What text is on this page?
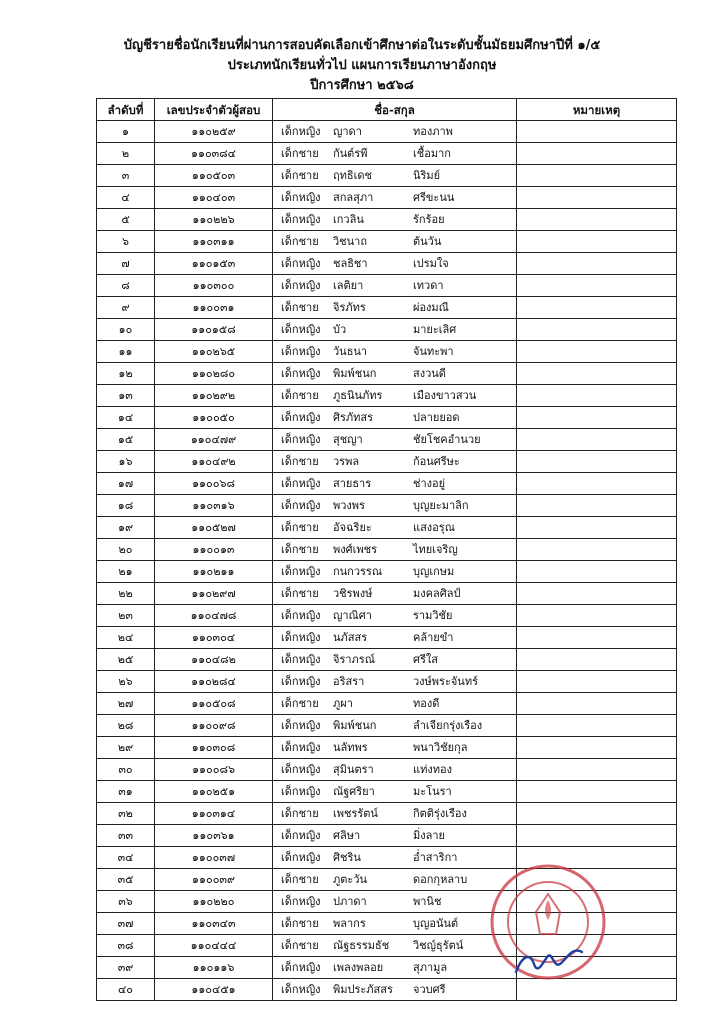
บัญชีรายชื่อนักเรียนที่ผ่านการสอบคัดเลือกเข้าศึกษาต่อในระดับชั้นมัธยมศึกษาปีที่ ๑/๕
ประเภทนักเรียนทั่วไป แผนการเรียนภาษาอังกฤษ
ปีการศึกษา ๒๕๖๘
ลำดับที่	เลขประจำตัวผู้สอบ	ชื่อ-สกุล	หมายเหตุ
๑	๑๑๐๒๕๙	เด็กหญิง ญาดา ทองภาพ	
๒	๑๑๐๓๘๔	เด็กชาย กันต์รพี เชื้อมาก	
๓	๑๑๐๕๐๓	เด็กชาย ฤทธิเดช นิริมย์	
๔	๑๑๐๔๐๓	เด็กหญิง สกลสุภา ศรีขะนน	
๕	๑๑๐๒๒๖	เด็กหญิง เกวลิน รักร้อย	
๖	๑๑๐๓๑๑	เด็กชาย วิชนาถ ต้นวัน	
๗	๑๑๐๑๕๓	เด็กหญิง ชลธิชา เปรมใจ	
๘	๑๑๐๓๐๐	เด็กหญิง เลติยา เทวดา	
๙	๑๑๐๐๓๑	เด็กชาย จิรภัทร ผ่องมณี	
๑๐	๑๑๐๑๕๘	เด็กหญิง บัว มายะเลิศ	
๑๑	๑๑๐๒๖๕	เด็กหญิง วันธนา จันทะพา	
๑๒	๑๑๐๒๘๐	เด็กหญิง พิมพ์ชนก สงวนดี	
๑๓	๑๑๐๒๙๒	เด็กชาย ภูธนินภัทร เมืองขาวสวน	
๑๔	๑๑๐๐๕๐	เด็กหญิง ศิรภัทสร ปลายยอด	
๑๕	๑๑๐๔๗๙	เด็กหญิง สุชญา ชัยโชคอำนวย	
๑๖	๑๑๐๔๙๒	เด็กชาย วรพล ก้อนศรีษะ	
๑๗	๑๑๐๐๖๘	เด็กหญิง สายธาร ช่างอยู่	
๑๘	๑๑๐๓๑๖	เด็กหญิง พวงพร บุญยะมาลิก	
๑๙	๑๑๐๕๒๗	เด็กชาย อัจฉริยะ แสงอรุณ	
๒๐	๑๑๐๐๑๓	เด็กชาย พงศ์เพชร ไทยเจริญ	
๒๑	๑๑๐๒๑๑	เด็กหญิง กนกวรรณ บุญเกษม	
๒๒	๑๑๐๒๙๗	เด็กชาย วชิรพงษ์ มงคลศิลป์	
๒๓	๑๑๐๔๗๘	เด็กหญิง ญาณิศา รามวิชัย	
๒๔	๑๑๐๓๐๔	เด็กหญิง นภัสสร คล้ายขำ	
๒๕	๑๑๐๔๘๒	เด็กหญิง จิราภรณ์ ศรีใส	
๒๖	๑๑๐๒๘๔	เด็กหญิง อริสรา วงษ์พระจันทร์	
๒๗	๑๑๐๕๐๘	เด็กชาย ภูผา ทองดี	
๒๘	๑๑๐๐๙๘	เด็กหญิง พิมพ์ชนก ลำเจียกรุ่งเรือง	
๒๙	๑๑๐๓๐๘	เด็กหญิง นลัทพร พนาวิชัยกุล	
๓๐	๑๑๐๐๘๖	เด็กหญิง สุมินตรา แท่งทอง	
๓๑	๑๑๐๒๕๑	เด็กหญิง ณัฐศริยา มะโนรา	
๓๒	๑๑๐๓๑๔	เด็กชาย เพชรรัตน์ กิตติรุ่งเรือง	
๓๓	๑๑๐๓๖๑	เด็กหญิง ศลิษา มิ่งลาย	
๓๔	๑๑๐๐๓๗	เด็กหญิง ศิชริน อ่ำสาริกา	
๓๕	๑๑๐๐๓๙	เด็กชาย ภูตะวัน ดอกกุหลาบ	
๓๖	๑๑๐๒๒๐	เด็กหญิง ปภาดา พานิช	
๓๗	๑๑๐๓๔๓	เด็กชาย พลากร บุญอนันต์	
๓๘	๑๑๐๔๔๔	เด็กชาย ณัฐธรรมธัช วิชญ์ธุรัตน์	
๓๙	๑๑๐๑๑๖	เด็กหญิง เพลงพลอย สุภามูล	
๔๐	๑๑๐๔๕๑	เด็กหญิง พิมประภัสสร จวบศรี	
